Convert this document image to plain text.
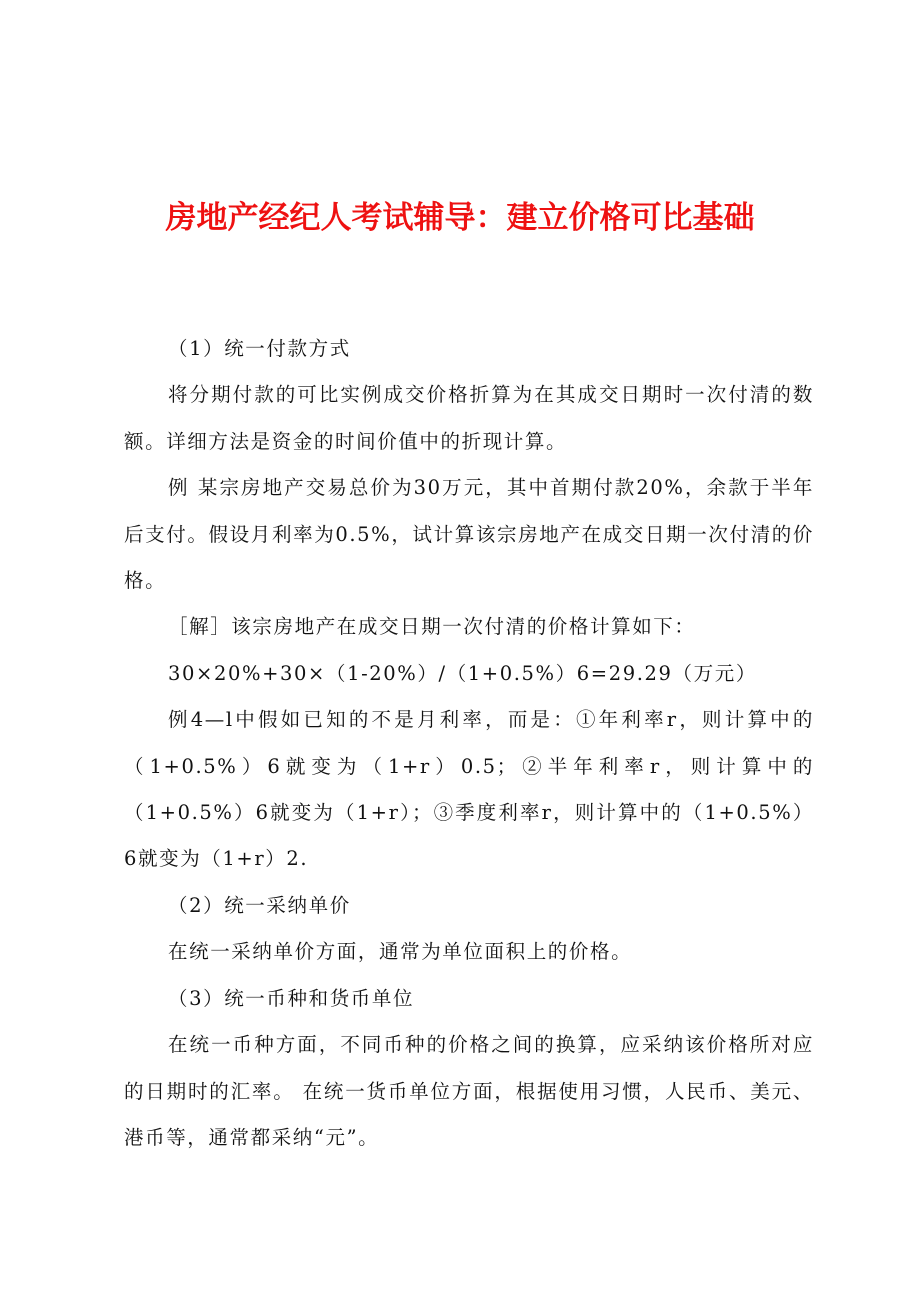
房地产经纪人考试辅导：建立价格可比基础

（1）统一付款方式

将分期付款的可比实例成交价格折算为在其成交日期时一次付清的数额。详细方法是资金的时间价值中的折现计算。

例 某宗房地产交易总价为30万元，其中首期付款20%，余款于半年后支付。假设月利率为0.5%，试计算该宗房地产在成交日期一次付清的价格。

［解］该宗房地产在成交日期一次付清的价格计算如下：

30×20%+30×（1-20%）/（1+0.5%）6=29.29（万元）

例4—l中假如已知的不是月利率，而是：①年利率r，则计算中的（1+0.5%）6就变为（1+r）0.5；②半年利率r，则计算中的（1+0.5%）6就变为（1+r）；③季度利率r，则计算中的（1+0.5%）6就变为（1+r）2.

（2）统一采纳单价

在统一采纳单价方面，通常为单位面积上的价格。

（3）统一币种和货币单位

在统一币种方面，不同币种的价格之间的换算，应采纳该价格所对应的日期时的汇率。 在统一货币单位方面，根据使用习惯，人民币、美元、港币等，通常都采纳“元”。
